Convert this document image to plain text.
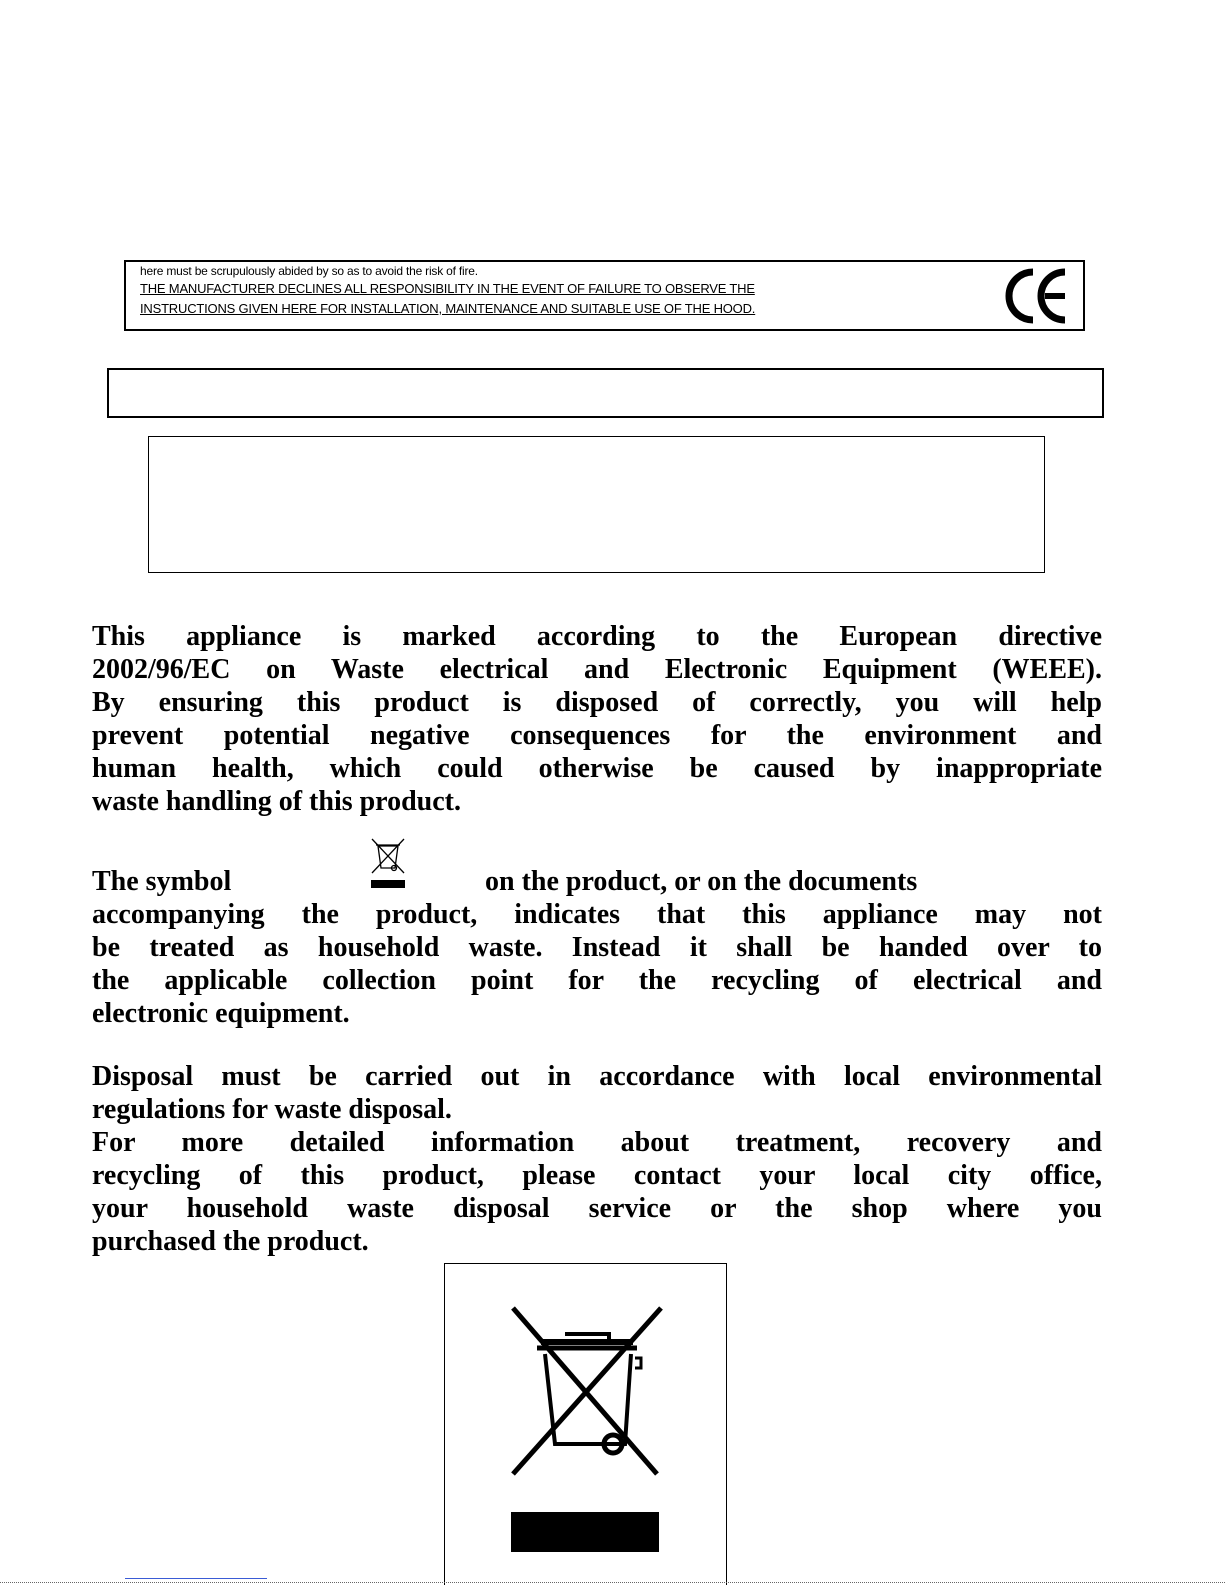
here must be scrupulously abided by so as to avoid the risk of fire.
THE MANUFACTURER DECLINES ALL RESPONSIBILITY IN THE EVENT OF FAILURE TO OBSERVE THE
INSTRUCTIONS GIVEN HERE FOR INSTALLATION, MAINTENANCE AND SUITABLE USE OF THE HOOD.
This appliance is marked according to the European directive
2002/96/EC on Waste electrical and Electronic Equipment (WEEE).
By ensuring this product is disposed of correctly, you will help
prevent potential negative consequences for the environment and
human health, which could otherwise be caused by inappropriate
waste handling of this product.
The symbol	on the product, or on the documents
accompanying the product, indicates that this appliance may not
be treated as household waste. Instead it shall be handed over to
the applicable collection point for the recycling of electrical and
electronic equipment.
Disposal must be carried out in accordance with local environmental
regulations for waste disposal.
For more detailed information about treatment, recovery and
recycling of this product, please contact your local city office,
your household waste disposal service or the shop where you
purchased the product.
